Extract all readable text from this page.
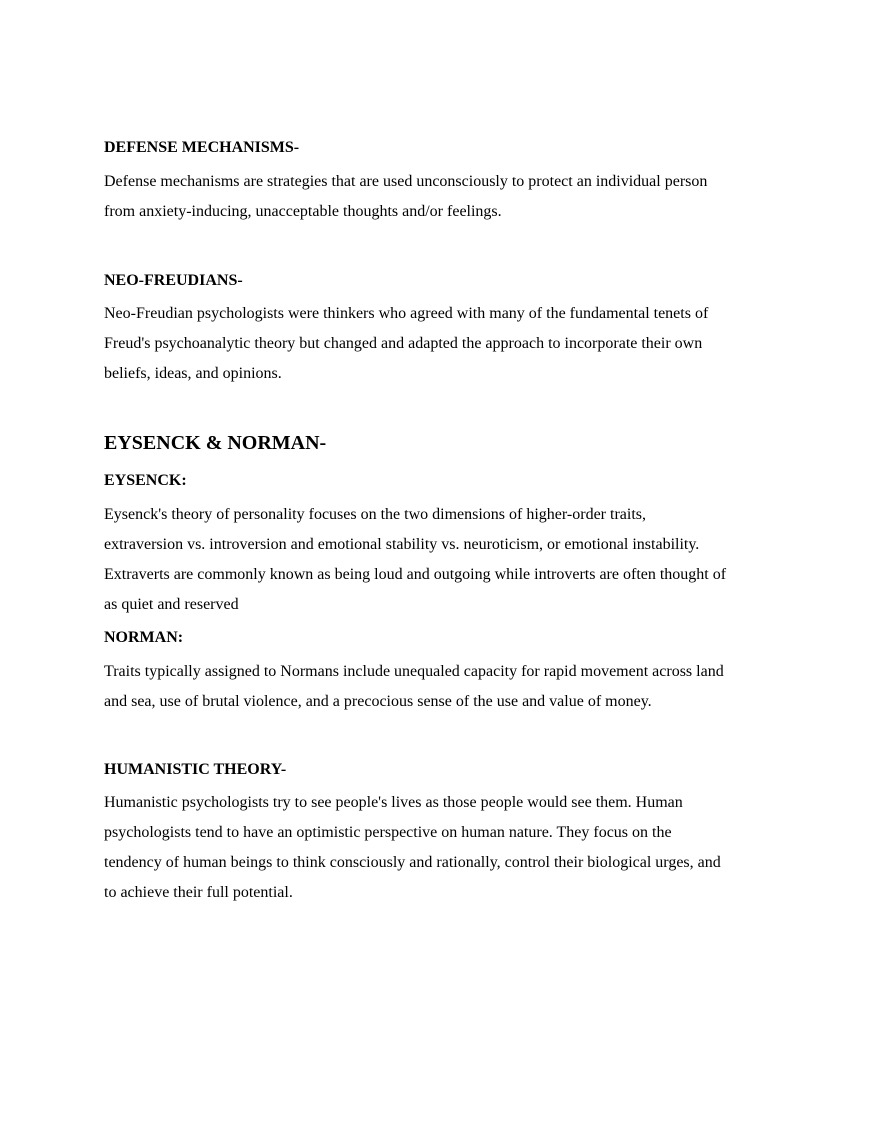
DEFENSE MECHANISMS-

Defense mechanisms are strategies that are used unconsciously to protect an individual person
from anxiety-inducing, unacceptable thoughts and/or feelings.

NEO-FREUDIANS-

Neo-Freudian psychologists were thinkers who agreed with many of the fundamental tenets of
Freud's psychoanalytic theory but changed and adapted the approach to incorporate their own
beliefs, ideas, and opinions.

EYSENCK & NORMAN-

EYSENCK:

Eysenck's theory of personality focuses on the two dimensions of higher-order traits,
extraversion vs. introversion and emotional stability vs. neuroticism, or emotional instability.
Extraverts are commonly known as being loud and outgoing while introverts are often thought of
as quiet and reserved

NORMAN:

Traits typically assigned to Normans include unequaled capacity for rapid movement across land
and sea, use of brutal violence, and a precocious sense of the use and value of money.

HUMANISTIC THEORY-

Humanistic psychologists try to see people's lives as those people would see them. Human
psychologists tend to have an optimistic perspective on human nature. They focus on the
tendency of human beings to think consciously and rationally, control their biological urges, and
to achieve their full potential.
